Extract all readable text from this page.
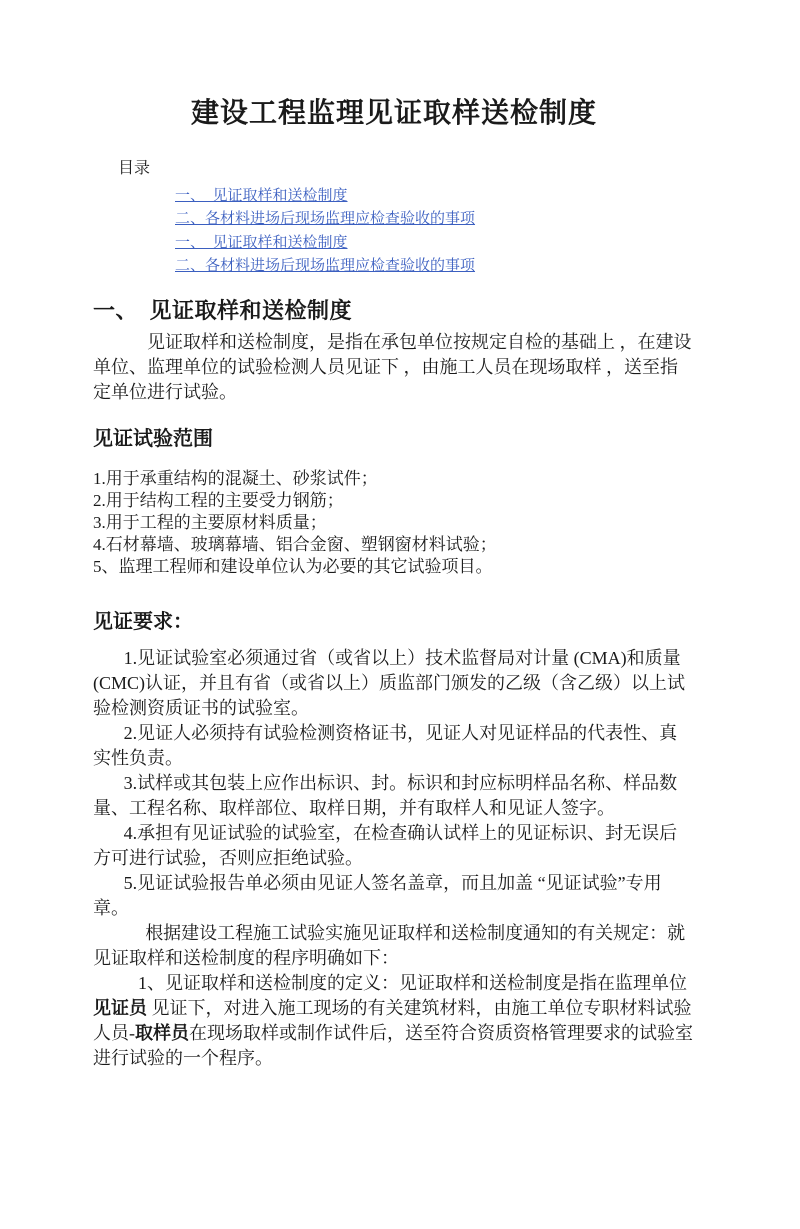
建设工程监理见证取样送检制度
目录
一、　见证取样和送检制度
二、各材料进场后现场监理应检查验收的事项
一、　见证取样和送检制度
二、各材料进场后现场监理应检查验收的事项
一、　见证取样和送检制度

见证取样和送检制度，是指在承包单位按规定自检的基础上 ，在建设单位、监理单位的试验检测人员见证下 ，由施工人员在现场取样 ，送至指定单位进行试验。

见证试验范围

1.用于承重结构的混凝土、砂浆试件；

2.用于结构工程的主要受力钢筋；

3.用于工程的主要原材料质量；

4.石材幕墙、玻璃幕墙、铝合金窗、塑钢窗材料试验；

5、监理工程师和建设单位认为必要的其它试验项目。

见证要求：

1.见证试验室必须通过省（或省以上）技术监督局对计量 (CMA)和质量(CMC)认证，并且有省（或省以上）质监部门颁发的乙级（含乙级）以上试验检测资质证书的试验室。

2.见证人必须持有试验检测资格证书，见证人对见证样品的代表性、真实性负责。

3.试样或其包装上应作出标识、封。标识和封应标明样品名称、样品数量、工程名称、取样部位、取样日期，并有取样人和见证人签字。

4.承担有见证试验的试验室，在检查确认试样上的见证标识、封无误后方可进行试验，否则应拒绝试验。

5.见证试验报告单必须由见证人签名盖章，而且加盖 “见证试验”专用章。

根据建设工程施工试验实施见证取样和送检制度通知的有关规定：就见证取样和送检制度的程序明确如下：

1、见证取样和送检制度的定义：见证取样和送检制度是指在监理单位见证员 见证下，对进入施工现场的有关建筑材料，由施工单位专职材料试验人员-取样员在现场取样或制作试件后，送至符合资质资格管理要求的试验室进行试验的一个程序。
